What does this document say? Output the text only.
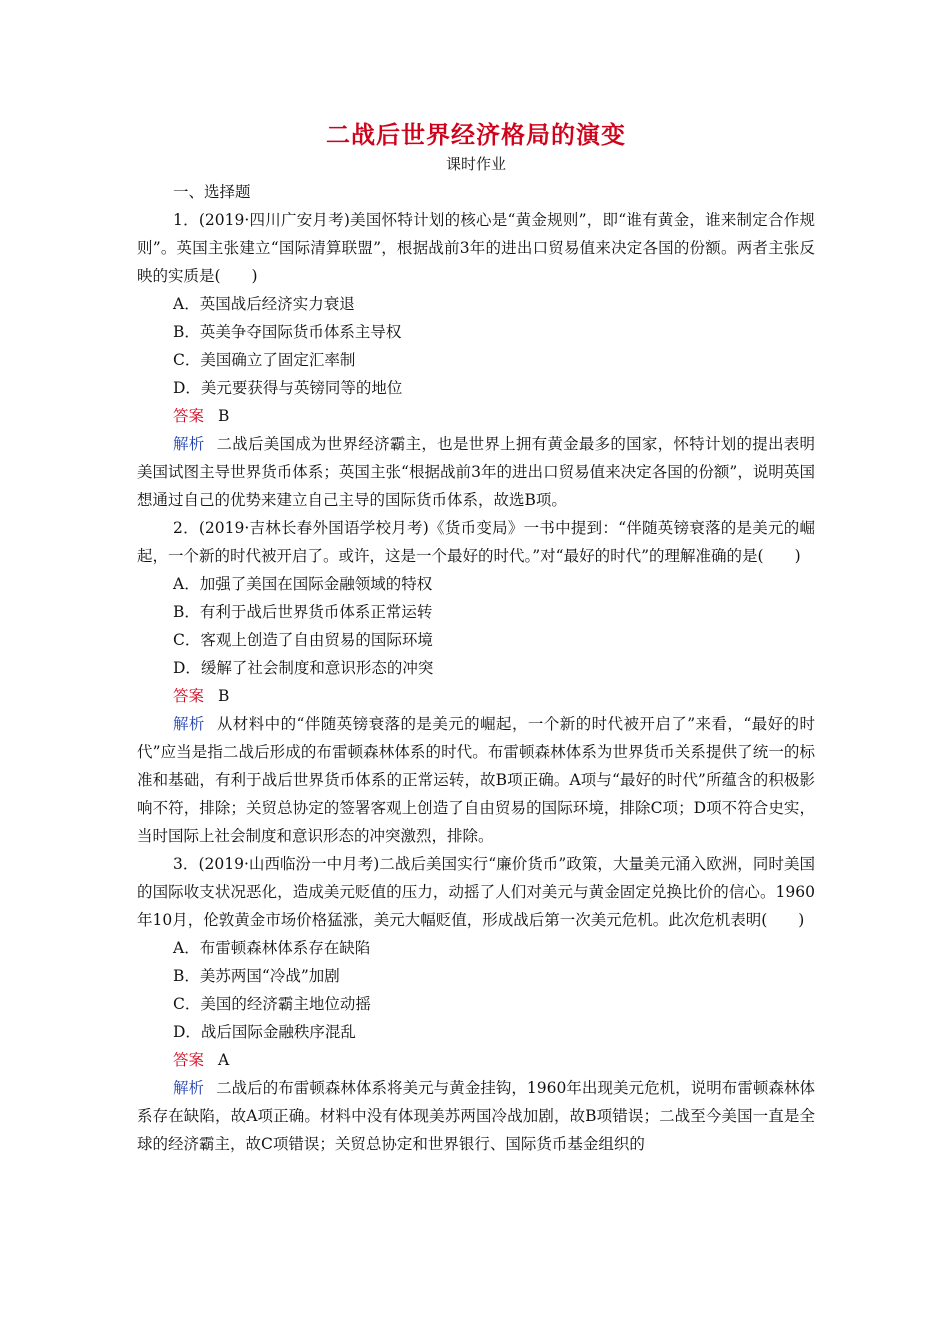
二战后世界经济格局的演变

课时作业

一、选择题

1．(2019·四川广安月考)美国怀特计划的核心是“黄金规则”，即“谁有黄金，谁来制定合作规则”。英国主张建立“国际清算联盟”，根据战前3年的进出口贸易值来决定各国的份额。两者主张反映的实质是(　　)

A．英国战后经济实力衰退

B．英美争夺国际货币体系主导权

C．美国确立了固定汇率制

D．美元要获得与英镑同等的地位

答案 B

解析 二战后美国成为世界经济霸主，也是世界上拥有黄金最多的国家，怀特计划的提出表明美国试图主导世界货币体系；英国主张“根据战前3年的进出口贸易值来决定各国的份额”，说明英国想通过自己的优势来建立自己主导的国际货币体系，故选B项。

2．(2019·吉林长春外国语学校月考)《货币变局》一书中提到：“伴随英镑衰落的是美元的崛起，一个新的时代被开启了。或许，这是一个最好的时代。”对“最好的时代”的理解准确的是(　　)

A．加强了美国在国际金融领域的特权

B．有利于战后世界货币体系正常运转

C．客观上创造了自由贸易的国际环境

D．缓解了社会制度和意识形态的冲突

答案 B

解析 从材料中的“伴随英镑衰落的是美元的崛起，一个新的时代被开启了”来看，“最好的时代”应当是指二战后形成的布雷顿森林体系的时代。布雷顿森林体系为世界货币关系提供了统一的标准和基础，有利于战后世界货币体系的正常运转，故B项正确。A项与“最好的时代”所蕴含的积极影响不符，排除；关贸总协定的签署客观上创造了自由贸易的国际环境，排除C项；D项不符合史实，当时国际上社会制度和意识形态的冲突激烈，排除。

3．(2019·山西临汾一中月考)二战后美国实行“廉价货币”政策，大量美元涌入欧洲，同时美国的国际收支状况恶化，造成美元贬值的压力，动摇了人们对美元与黄金固定兑换比价的信心。1960年10月，伦敦黄金市场价格猛涨，美元大幅贬值，形成战后第一次美元危机。此次危机表明(　　)

A．布雷顿森林体系存在缺陷

B．美苏两国“冷战”加剧

C．美国的经济霸主地位动摇

D．战后国际金融秩序混乱

答案 A

解析 二战后的布雷顿森林体系将美元与黄金挂钩，1960年出现美元危机，说明布雷顿森林体系存在缺陷，故A项正确。材料中没有体现美苏两国冷战加剧，故B项错误；二战至今美国一直是全球的经济霸主，故C项错误；关贸总协定和世界银行、国际货币基金组织的
